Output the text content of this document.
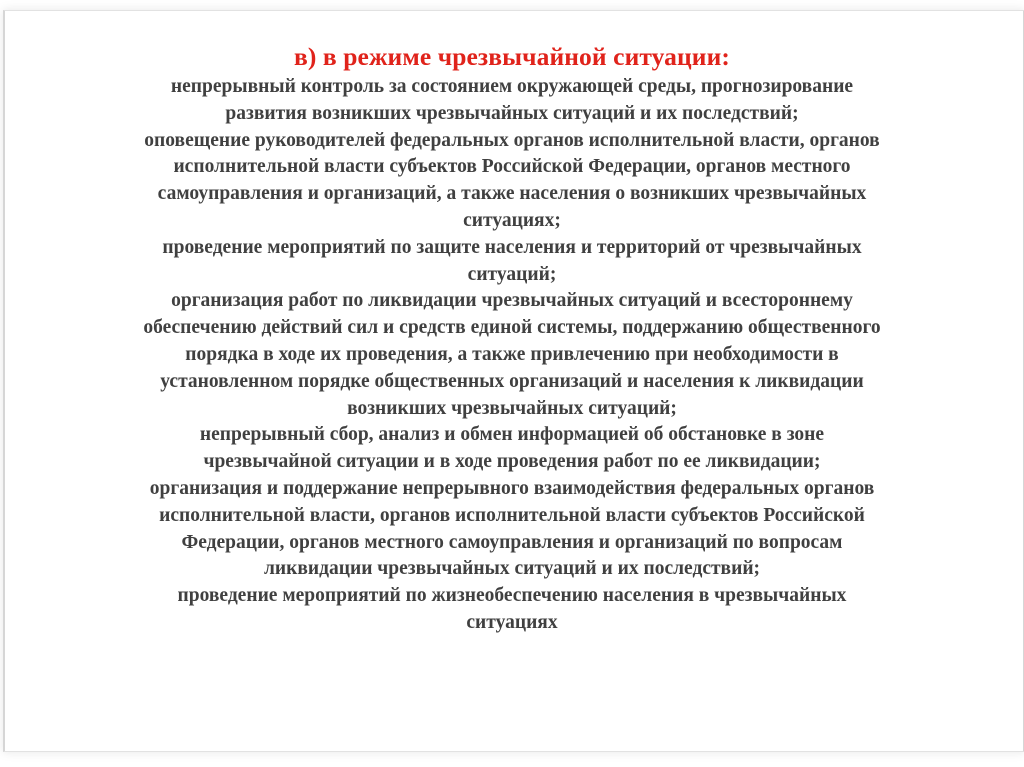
в) в режиме чрезвычайной ситуации:
непрерывный контроль за состоянием окружающей среды, прогнозирование
развития возникших чрезвычайных ситуаций и их последствий;
оповещение руководителей федеральных органов исполнительной власти, органов
исполнительной власти субъектов Российской Федерации, органов местного
самоуправления и организаций, а также населения о возникших чрезвычайных
ситуациях;
проведение мероприятий по защите населения и территорий от чрезвычайных
ситуаций;
организация работ по ликвидации чрезвычайных ситуаций и всестороннему
обеспечению действий сил и средств единой системы, поддержанию общественного
порядка в ходе их проведения, а также привлечению при необходимости в
установленном порядке общественных организаций и населения к ликвидации
возникших чрезвычайных ситуаций;
непрерывный сбор, анализ и обмен информацией об обстановке в зоне
чрезвычайной ситуации и в ходе проведения работ по ее ликвидации;
организация и поддержание непрерывного взаимодействия федеральных органов
исполнительной власти, органов исполнительной власти субъектов Российской
Федерации, органов местного самоуправления и организаций по вопросам
ликвидации чрезвычайных ситуаций и их последствий;
проведение мероприятий по жизнеобеспечению населения в чрезвычайных
ситуациях
